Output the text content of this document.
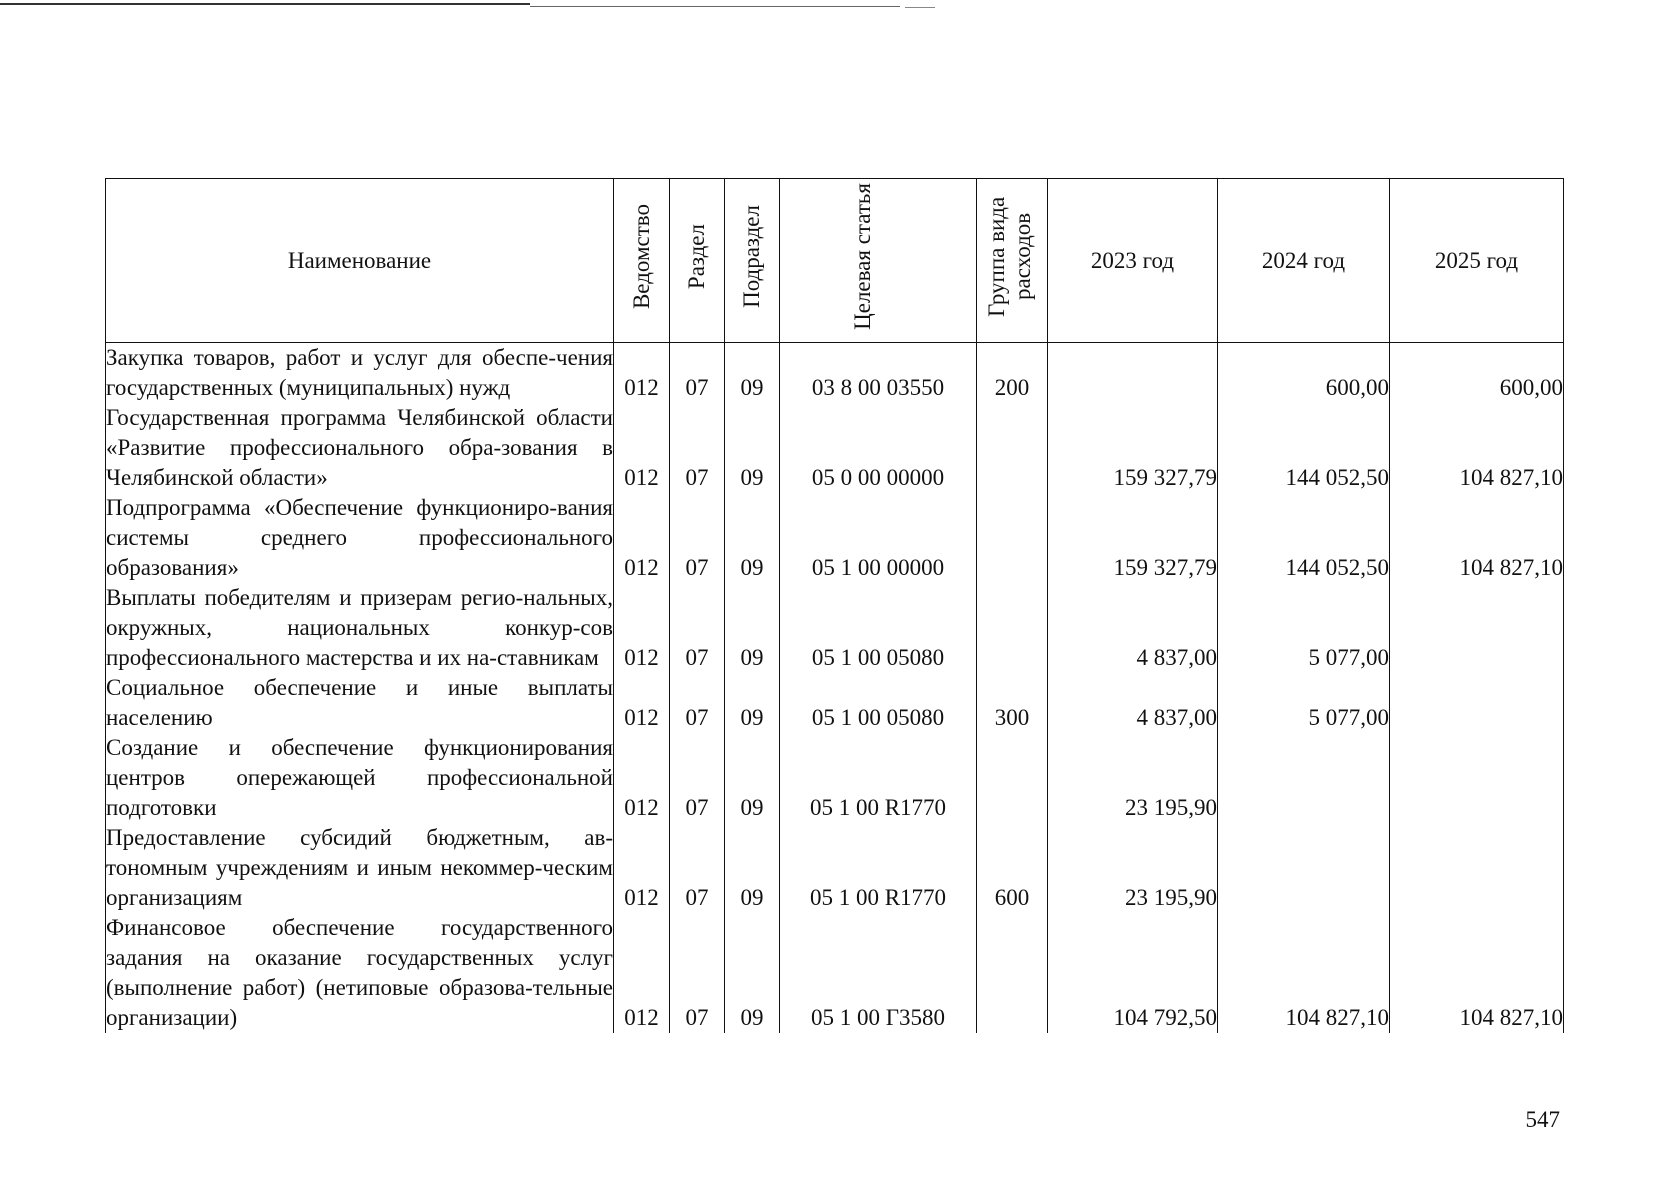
Наименование	Ведомство	Раздел	Подраздел	Целевая статья	Группа вида расходов	2023 год	2024 год	2025 год
Закупка товаров, работ и услуг для обеспе-чения государственных (муниципальных) нужд	012	07	09	03 8 00 03550	200		600,00	600,00
Государственная программа Челябинской области «Развитие профессионального обра-зования в Челябинской области»	012	07	09	05 0 00 00000		159 327,79	144 052,50	104 827,10
Подпрограмма «Обеспечение функциониро-вания системы среднего профессионального образования»	012	07	09	05 1 00 00000		159 327,79	144 052,50	104 827,10
Выплаты победителям и призерам регио-нальных, окружных, национальных конкур-сов профессионального мастерства и их на-ставникам	012	07	09	05 1 00 05080		4 837,00	5 077,00	
Социальное обеспечение и иные выплаты населению	012	07	09	05 1 00 05080	300	4 837,00	5 077,00	
Создание и обеспечение функционирования центров опережающей профессиональной подготовки	012	07	09	05 1 00 R1770		23 195,90		
Предоставление субсидий бюджетным, ав-тономным учреждениям и иным некоммер-ческим организациям	012	07	09	05 1 00 R1770	600	23 195,90		
Финансовое обеспечение государственного задания на оказание государственных услуг (выполнение работ) (нетиповые образова-тельные организации)	012	07	09	05 1 00 Г3580		104 792,50	104 827,10	104 827,10
547
